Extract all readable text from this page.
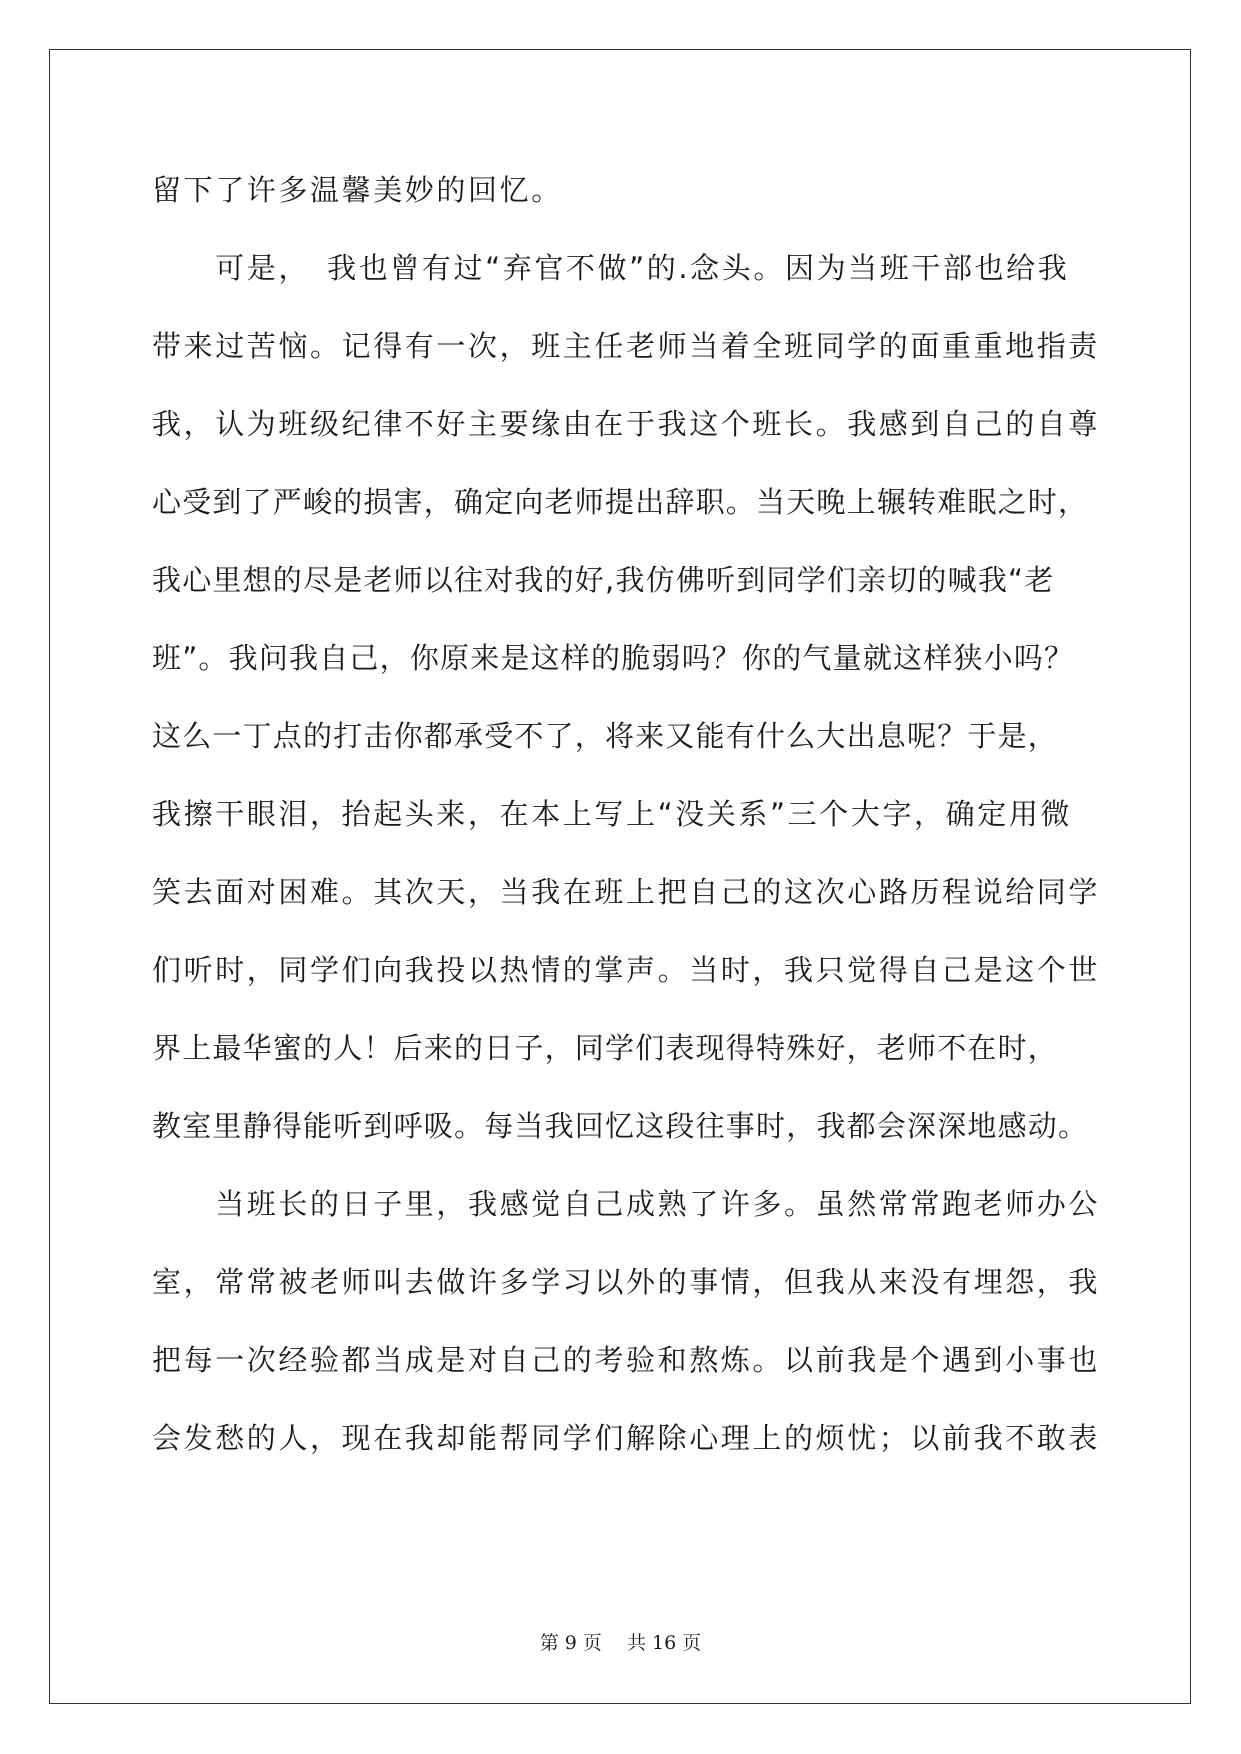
留下了许多温馨美妙的回忆。
　　可是，　我也曾有过“弃官不做”的.念头。因为当班干部也给我
带来过苦恼。记得有一次，班主任老师当着全班同学的面重重地指责
我，认为班级纪律不好主要缘由在于我这个班长。我感到自己的自尊
心受到了严峻的损害，确定向老师提出辞职。当天晚上辗转难眠之时，
我心里想的尽是老师以往对我的好,我仿佛听到同学们亲切的喊我“老
班”。我问我自己，你原来是这样的脆弱吗？你的气量就这样狭小吗？
这么一丁点的打击你都承受不了，将来又能有什么大出息呢？于是，
我擦干眼泪，抬起头来，在本上写上“没关系”三个大字，确定用微
笑去面对困难。其次天，当我在班上把自己的这次心路历程说给同学
们听时，同学们向我投以热情的掌声。当时，我只觉得自己是这个世
界上最华蜜的人！后来的日子，同学们表现得特殊好，老师不在时，
教室里静得能听到呼吸。每当我回忆这段往事时，我都会深深地感动。
　　当班长的日子里，我感觉自己成熟了许多。虽然常常跑老师办公
室，常常被老师叫去做许多学习以外的事情，但我从来没有埋怨，我
把每一次经验都当成是对自己的考验和熬炼。以前我是个遇到小事也
会发愁的人，现在我却能帮同学们解除心理上的烦忧；以前我不敢表
第 9 页　 共 16 页
